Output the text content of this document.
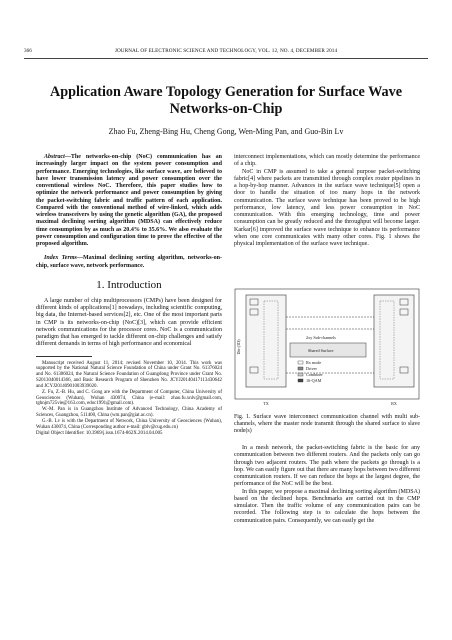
366	JOURNAL OF ELECTRONIC SCIENCE AND TECHNOLOGY, VOL. 12, NO. 4, DECEMBER 2014
Application Aware Topology Generation for Surface Wave Networks-on-Chip
Zhao Fu, Zheng-Bing Hu, Cheng Gong, Wen-Ming Pan, and Guo-Bin Lv

Abstract—The networks-on-chip (NoC) communication has an increasingly larger impact on the system power consumption and performance. Emerging technologies, like surface wave, are believed to have lower transmission latency and power consumption over the conventional wireless NoC. Therefore, this paper studies how to optimize the network performance and power consumption by giving the packet-switching fabric and traffic pattern of each application. Compared with the conventional method of wire-linked, which adds wireless transceivers by using the genetic algorithm (GA), the proposed maximal declining sorting algorithm (MDSA) can effectively reduce time consumption by as much as 20.4% to 35.6%. We also evaluate the power consumption and configuration time to prove the effective of the proposed algorithm.

Index Terms—Maximal declining sorting algorithm, networks-on-chip, surface wave, network performance.

1. Introduction

A large number of chip multiprocessors (CMPs) have been designed for different kinds of applications[1] nowadays, including scientific computing, big data, the Internet-based services[2], etc. One of the most important parts in CMP is its networks-on-chip (NoC)[3], which can provide efficient network communications for the processor cores. NoC is a communication paradigm that has emerged to tackle different on-chip challenges and satisfy different demands in terms of high performance and economical

Manuscript received August 11, 2014; revised November 10, 2014. This work was supported by the National Natural Science Foundation of China under Grant No. 61376024 and No. 61306024, the Natural Science Foundation of Guangdong Province under Grant No. S2013040014366, and Basic Research Program of Shenzhen No. JCYJ20140417113430642 and JCYJ20140901003939020.

Z. Fu, Z.-B. Hu, and C. Gong are with the Department of Computer, China University of Geosciences (Wuhan), Wuhan 430074, China (e-mail: zhao.fu.xnlv@gmail.com, tghnjm725vie@163.com, edoc1991@gmail.com).

W.-M. Pan is in Guangzhou Institute of Advanced Technology, China Academy of Sciences, Guangzhou, 511400, China (wm.pan@giat.ac.cn).

G.-B. Lv is with the Department of Network, China University of Geosciences (Wuhan), Wuhan 430074, China (Corresponding author e-mail: gblv@cug.edu.cn)

Digital Object Identifier: 10.3969/j.issn.1674-862X.2014.04.005

interconnect implementations, which can mostly determine the performance of a chip.

NoC in CMP is assumed to take a general purpose packet-switching fabric[4] where packets are transmitted through complex router pipelines in a hop-by-hop manner. Advances in the surface wave technique[5] open a door to handle the situation of too many hops in the network communication. The surface wave technique has been proved to be high performance, low latency, and less power consumption in NoC communication. With this emerging technology, time and power consumption can be greatly reduced and the throughput will become larger. Karkar[6] improved the surface wave technique to enhance its performance when one core communicates with many other cores. Fig. 1 shows the physical implementation of the surface wave technique.

Die (3D)
2xy Sub-channels
Shared Surface
Rx mode
Driver
Combiner
16-QAM
TX	RX
Fig. 1. Surface wave interconnect communication channel with multi sub-channels, where the master node transmit through the shared surface to slave node(s)

In a mesh network, the packet-switching fabric is the basic for any communication between two different routers. And the packets only can go through two adjacent routers. The path where the packets go through is a hop. We can easily figure out that there are many hops between two different communication routers. If we can reduce the hops at the largest degree, the performance of the NoC will be the best.

In this paper, we propose a maximal declining sorting algorithm (MDSA) based on the declined hops. Benchmarks are carried out in the CMP simulator. Then the traffic volume of any communication pairs can be recorded. The following step is to calculate the hops between the communication pairs. Consequently, we can easily get the
